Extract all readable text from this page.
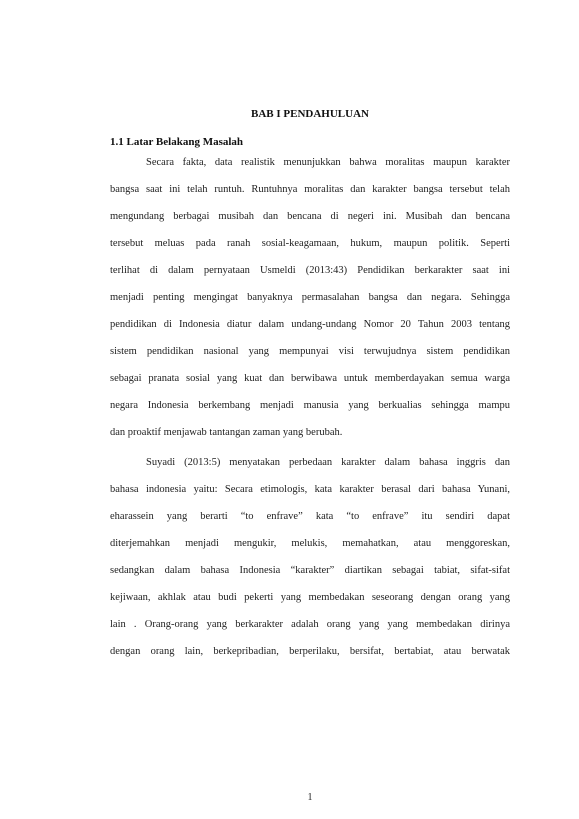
BAB I PENDAHULUAN
1.1 Latar Belakang Masalah
Secara fakta, data realistik menunjukkan bahwa moralitas maupun karakter
bangsa saat ini telah runtuh. Runtuhnya moralitas dan karakter bangsa tersebut telah
mengundang berbagai musibah dan bencana di negeri ini. Musibah dan bencana
tersebut meluas pada ranah sosial-keagamaan, hukum, maupun politik. Seperti
terlihat di dalam pernyataan Usmeldi (2013:43) Pendidikan berkarakter saat ini
menjadi penting mengingat banyaknya permasalahan bangsa dan negara. Sehingga
pendidikan di Indonesia diatur dalam undang-undang Nomor 20 Tahun 2003 tentang
sistem pendidikan nasional yang mempunyai visi terwujudnya sistem pendidikan
sebagai pranata sosial yang kuat dan berwibawa untuk memberdayakan semua warga
negara Indonesia berkembang menjadi manusia yang berkualias sehingga mampu
dan proaktif menjawab tantangan zaman yang berubah.
Suyadi (2013:5) menyatakan perbedaan karakter dalam bahasa inggris dan
bahasa indonesia yaitu: Secara etimologis, kata karakter berasal dari bahasa Yunani,
eharassein yang berarti “to enfrave” kata “to enfrave” itu sendiri dapat
diterjemahkan menjadi mengukir, melukis, memahatkan, atau menggoreskan,
sedangkan dalam bahasa Indonesia “karakter” diartikan sebagai tabiat, sifat-sifat
kejiwaan, akhlak atau budi pekerti yang membedakan seseorang dengan orang yang
lain . Orang-orang yang berkarakter adalah orang yang yang membedakan dirinya
dengan orang lain, berkepribadian, berperilaku, bersifat, bertabiat, atau berwatak
1
